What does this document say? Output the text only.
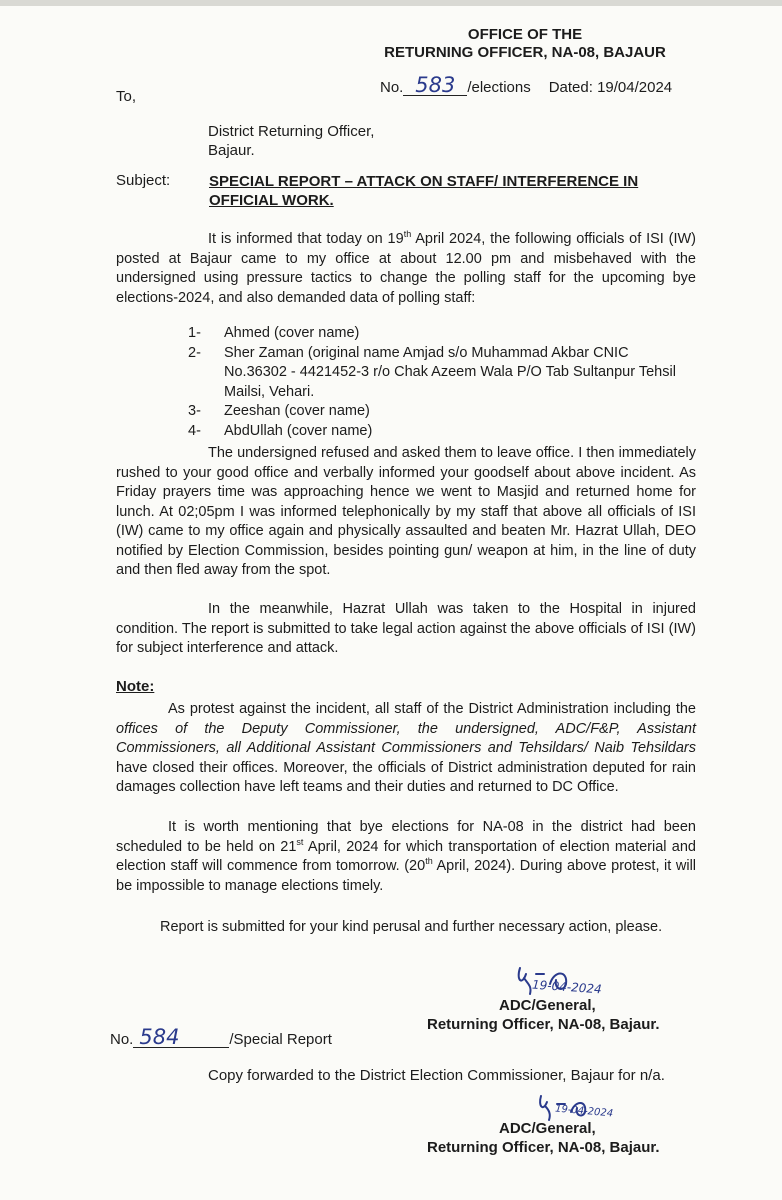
OFFICE OF THE
RETURNING OFFICER, NA-08, BAJAUR
No. 583 /elections Dated: 19/04/2024
To,
District Returning Officer,
Bajaur.
Subject:	SPECIAL REPORT – ATTACK ON STAFF/ INTERFERENCE IN OFFICIAL WORK.
It is informed that today on 19th April 2024, the following officials of ISI (IW) posted at Bajaur came to my office at about 12.00 pm and misbehaved with the undersigned using pressure tactics to change the polling staff for the upcoming bye elections-2024, and also demanded data of polling staff:
1- Ahmed (cover name)
2- Sher Zaman (original name Amjad s/o Muhammad Akbar CNIC No.36302 - 4421452-3 r/o Chak Azeem Wala P/O Tab Sultanpur Tehsil Mailsi, Vehari.
3- Zeeshan (cover name)
4- AbdUllah (cover name)
The undersigned refused and asked them to leave office. I then immediately rushed to your good office and verbally informed your goodself about above incident. As Friday prayers time was approaching hence we went to Masjid and returned home for lunch. At 02;05pm I was informed telephonically by my staff that above all officials of ISI (IW) came to my office again and physically assaulted and beaten Mr. Hazrat Ullah, DEO notified by Election Commission, besides pointing gun/ weapon at him, in the line of duty and then fled away from the spot.
In the meanwhile, Hazrat Ullah was taken to the Hospital in injured condition. The report is submitted to take legal action against the above officials of ISI (IW) for subject interference and attack.
Note:
As protest against the incident, all staff of the District Administration including the offices of the Deputy Commissioner, the undersigned, ADC/F&P, Assistant Commissioners, all Additional Assistant Commissioners and Tehsildars/ Naib Tehsildars have closed their offices. Moreover, the officials of District administration deputed for rain damages collection have left teams and their duties and returned to DC Office.
It is worth mentioning that bye elections for NA-08 in the district had been scheduled to be held on 21st April, 2024 for which transportation of election material and election staff will commence from tomorrow. (20th April, 2024). During above protest, it will be impossible to manage elections timely.
Report is submitted for your kind perusal and further necessary action, please.
19-04-2024
ADC/General,
Returning Officer, NA-08, Bajaur.
No. 584	/Special Report
Copy forwarded to the District Election Commissioner, Bajaur for n/a.
19-04-2024
ADC/General,
Returning Officer, NA-08, Bajaur.
